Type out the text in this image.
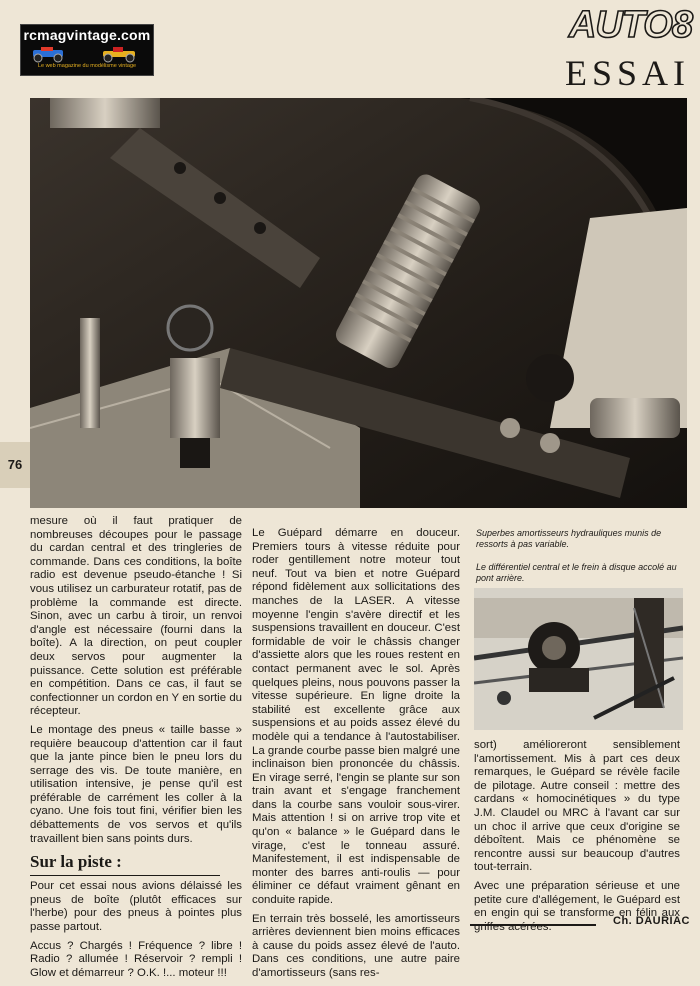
rcmagvintage.com
Le web magazine du modélisme vintage
AUTO8
ESSAI
76

mesure où il faut pratiquer de nombreuses découpes pour le passage du cardan central et des tringleries de commande. Dans ces conditions, la boîte radio est devenue pseudo-étanche ! Si vous utilisez un carburateur rotatif, pas de problème la commande est directe. Sinon, avec un carbu à tiroir, un renvoi d'angle est nécessaire (fourni dans la boîte). A la direction, on peut coupler deux servos pour augmenter la puissance. Cette solution est préférable en compétition. Dans ce cas, il faut se confectionner un cordon en Y en sortie du récepteur.

Le montage des pneus « taille basse » requière beaucoup d'attention car il faut que la jante pince bien le pneu lors du serrage des vis. De toute manière, en utilisation intensive, je pense qu'il est préférable de carrément les coller à la cyano. Une fois tout fini, vérifier bien les débattements de vos servos et qu'ils travaillent bien sans points durs.

Sur la piste :

Pour cet essai nous avions délaissé les pneus de boîte (plutôt efficaces sur l'herbe) pour des pneus à pointes plus passe partout.

Accus ? Chargés ! Fréquence ? libre ! Radio ? allumée ! Réservoir ? rempli ! Glow et démarreur ? O.K. !... moteur !!!

Le Guépard démarre en douceur. Premiers tours à vitesse réduite pour roder gentillement notre moteur tout neuf. Tout va bien et notre Guépard répond fidèlement aux sollicitations des manches de la LASER. A vitesse moyenne l'engin s'avère directif et les suspensions travaillent en douceur. C'est formidable de voir le châssis changer d'assiette alors que les roues restent en contact permanent avec le sol. Après quelques pleins, nous pouvons passer la vitesse supérieure. En ligne droite la stabilité est excellente grâce aux suspensions et au poids assez élevé du modèle qui a tendance à l'autostabiliser. La grande courbe passe bien malgré une inclinaison bien prononcée du châssis. En virage serré, l'engin se plante sur son train avant et s'engage franchement dans la courbe sans vouloir sous-virer. Mais attention ! si on arrive trop vite et qu'on « balance » le Guépard dans le virage, c'est le tonneau assuré. Manifestement, il est indispensable de monter des barres anti-roulis — pour éliminer ce défaut vraiment gênant en conduite rapide.

En terrain très bosselé, les amortisseurs arrières deviennent bien moins efficaces à cause du poids assez élevé de l'auto. Dans ces conditions, une autre paire d'amortisseurs (sans res-

Superbes amortisseurs hydrauliques munis de ressorts à pas variable.
Le différentiel central et le frein à disque accolé au pont arrière.

sort) amélioreront sensiblement l'amortissement. Mis à part ces deux remarques, le Guépard se révèle facile de pilotage. Autre conseil : mettre des cardans « homocinétiques » du type J.M. Claudel ou MRC à l'avant car sur un choc il arrive que ceux d'origine se déboîtent. Mais ce phénomène se rencontre aussi sur beaucoup d'autres tout-terrain.

Avec une préparation sérieuse et une petite cure d'allégement, le Guépard est en engin qui se transforme en félin aux griffes acérées.	Ch. DAURIAC
